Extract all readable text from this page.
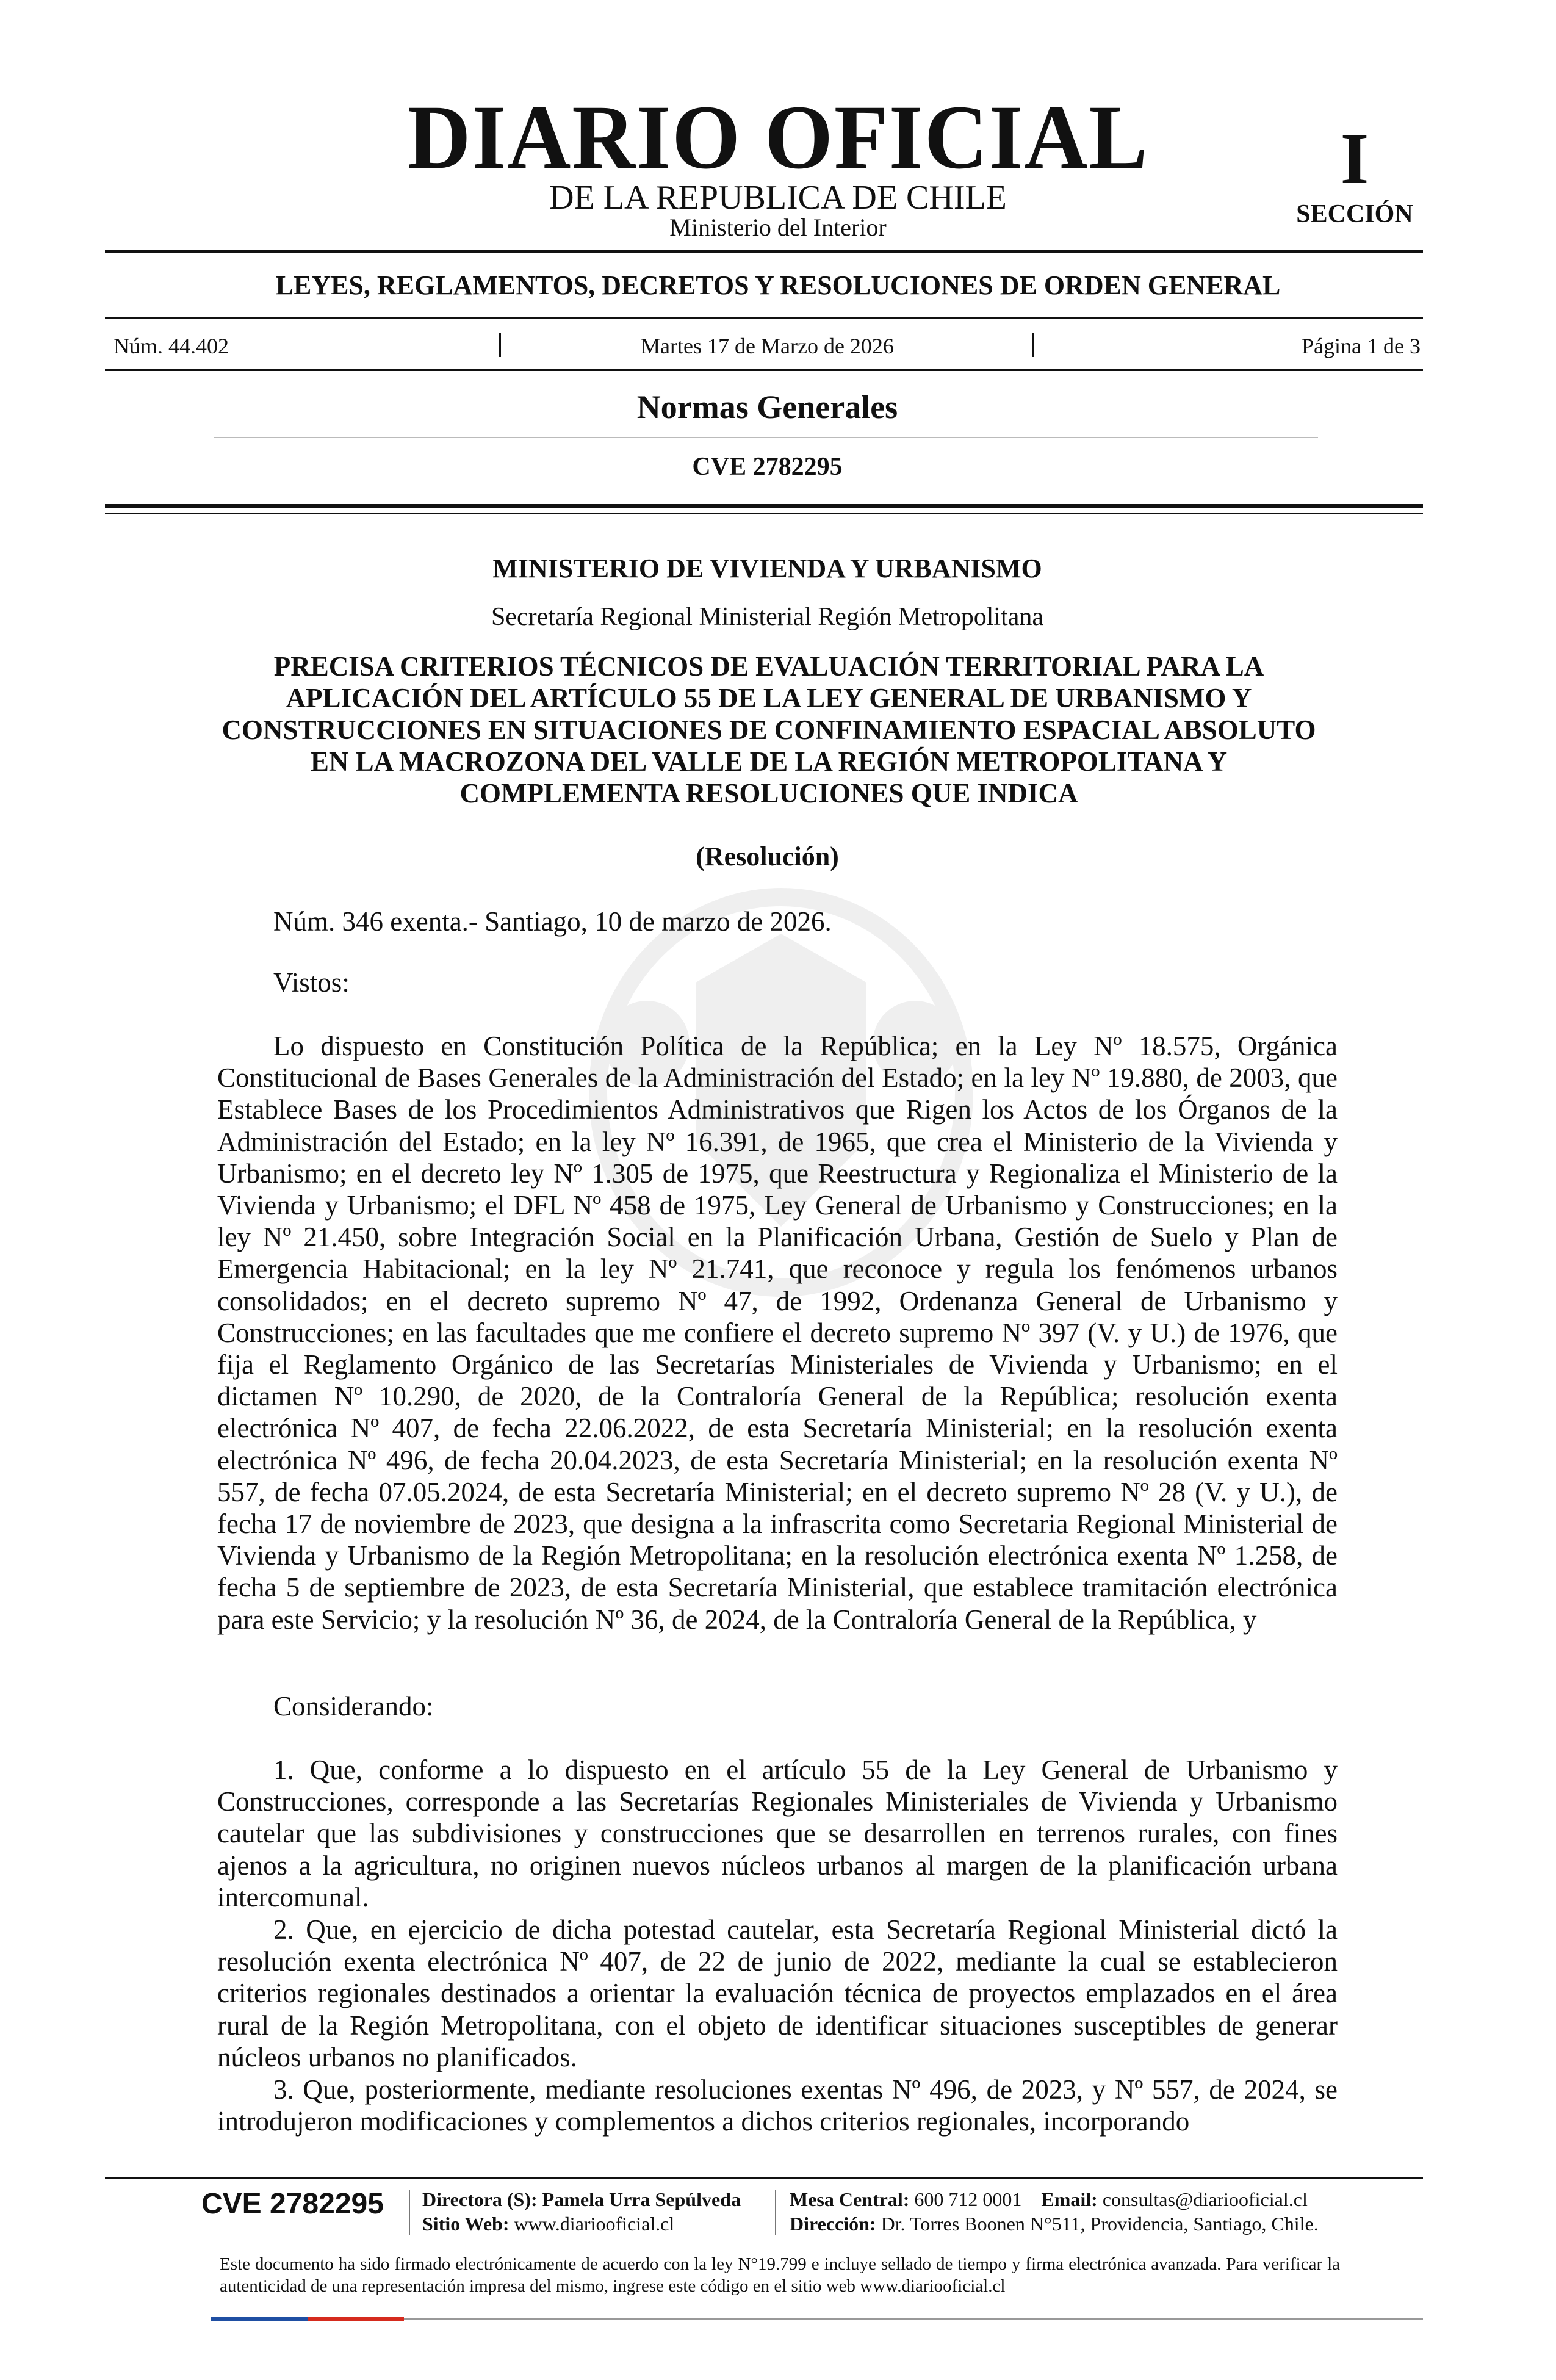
DIARIO OFICIAL
DE LA REPUBLICA DE CHILE
Ministerio del Interior
I
SECCIÓN
LEYES, REGLAMENTOS, DECRETOS Y RESOLUCIONES DE ORDEN GENERAL
Núm. 44.402	Martes 17 de Marzo de 2026	Página 1 de 3
Normas Generales
CVE 2782295
MINISTERIO DE VIVIENDA Y URBANISMO
Secretaría Regional Ministerial Región Metropolitana
PRECISA CRITERIOS TÉCNICOS DE EVALUACIÓN TERRITORIAL PARA LA APLICACIÓN DEL ARTÍCULO 55 DE LA LEY GENERAL DE URBANISMO Y CONSTRUCCIONES EN SITUACIONES DE CONFINAMIENTO ESPACIAL ABSOLUTO EN LA MACROZONA DEL VALLE DE LA REGIÓN METROPOLITANA Y COMPLEMENTA RESOLUCIONES QUE INDICA
(Resolución)
Núm. 346 exenta.- Santiago, 10 de marzo de 2026.
Vistos:
Lo dispuesto en Constitución Política de la República; en la Ley Nº 18.575, Orgánica Constitucional de Bases Generales de la Administración del Estado; en la ley Nº 19.880, de 2003, que Establece Bases de los Procedimientos Administrativos que Rigen los Actos de los Órganos de la Administración del Estado; en la ley Nº 16.391, de 1965, que crea el Ministerio de la Vivienda y Urbanismo; en el decreto ley Nº 1.305 de 1975, que Reestructura y Regionaliza el Ministerio de la Vivienda y Urbanismo; el DFL Nº 458 de 1975, Ley General de Urbanismo y Construcciones; en la ley Nº 21.450, sobre Integración Social en la Planificación Urbana, Gestión de Suelo y Plan de Emergencia Habitacional; en la ley Nº 21.741, que reconoce y regula los fenómenos urbanos consolidados; en el decreto supremo Nº 47, de 1992, Ordenanza General de Urbanismo y Construcciones; en las facultades que me confiere el decreto supremo Nº 397 (V. y U.) de 1976, que fija el Reglamento Orgánico de las Secretarías Ministeriales de Vivienda y Urbanismo; en el dictamen Nº 10.290, de 2020, de la Contraloría General de la República; resolución exenta electrónica Nº 407, de fecha 22.06.2022, de esta Secretaría Ministerial; en la resolución exenta electrónica Nº 496, de fecha 20.04.2023, de esta Secretaría Ministerial; en la resolución exenta Nº 557, de fecha 07.05.2024, de esta Secretaría Ministerial; en el decreto supremo Nº 28 (V. y U.), de fecha 17 de noviembre de 2023, que designa a la infrascrita como Secretaria Regional Ministerial de Vivienda y Urbanismo de la Región Metropolitana; en la resolución electrónica exenta Nº 1.258, de fecha 5 de septiembre de 2023, de esta Secretaría Ministerial, que establece tramitación electrónica para este Servicio; y la resolución Nº 36, de 2024, de la Contraloría General de la República, y
Considerando:
1. Que, conforme a lo dispuesto en el artículo 55 de la Ley General de Urbanismo y Construcciones, corresponde a las Secretarías Regionales Ministeriales de Vivienda y Urbanismo cautelar que las subdivisiones y construcciones que se desarrollen en terrenos rurales, con fines ajenos a la agricultura, no originen nuevos núcleos urbanos al margen de la planificación urbana intercomunal.
2. Que, en ejercicio de dicha potestad cautelar, esta Secretaría Regional Ministerial dictó la resolución exenta electrónica Nº 407, de 22 de junio de 2022, mediante la cual se establecieron criterios regionales destinados a orientar la evaluación técnica de proyectos emplazados en el área rural de la Región Metropolitana, con el objeto de identificar situaciones susceptibles de generar núcleos urbanos no planificados.
3. Que, posteriormente, mediante resoluciones exentas Nº 496, de 2023, y Nº 557, de 2024, se introdujeron modificaciones y complementos a dichos criterios regionales, incorporando
CVE 2782295 Directora (S): Pamela Urra Sepúlveda
Sitio Web: www.diariooficial.cl
Mesa Central: 600 712 0001 Email: consultas@diariooficial.cl
Dirección: Dr. Torres Boonen N°511, Providencia, Santiago, Chile.
Este documento ha sido firmado electrónicamente de acuerdo con la ley N°19.799 e incluye sellado de tiempo y firma electrónica avanzada. Para verificar la autenticidad de una representación impresa del mismo, ingrese este código en el sitio web www.diariooficial.cl
